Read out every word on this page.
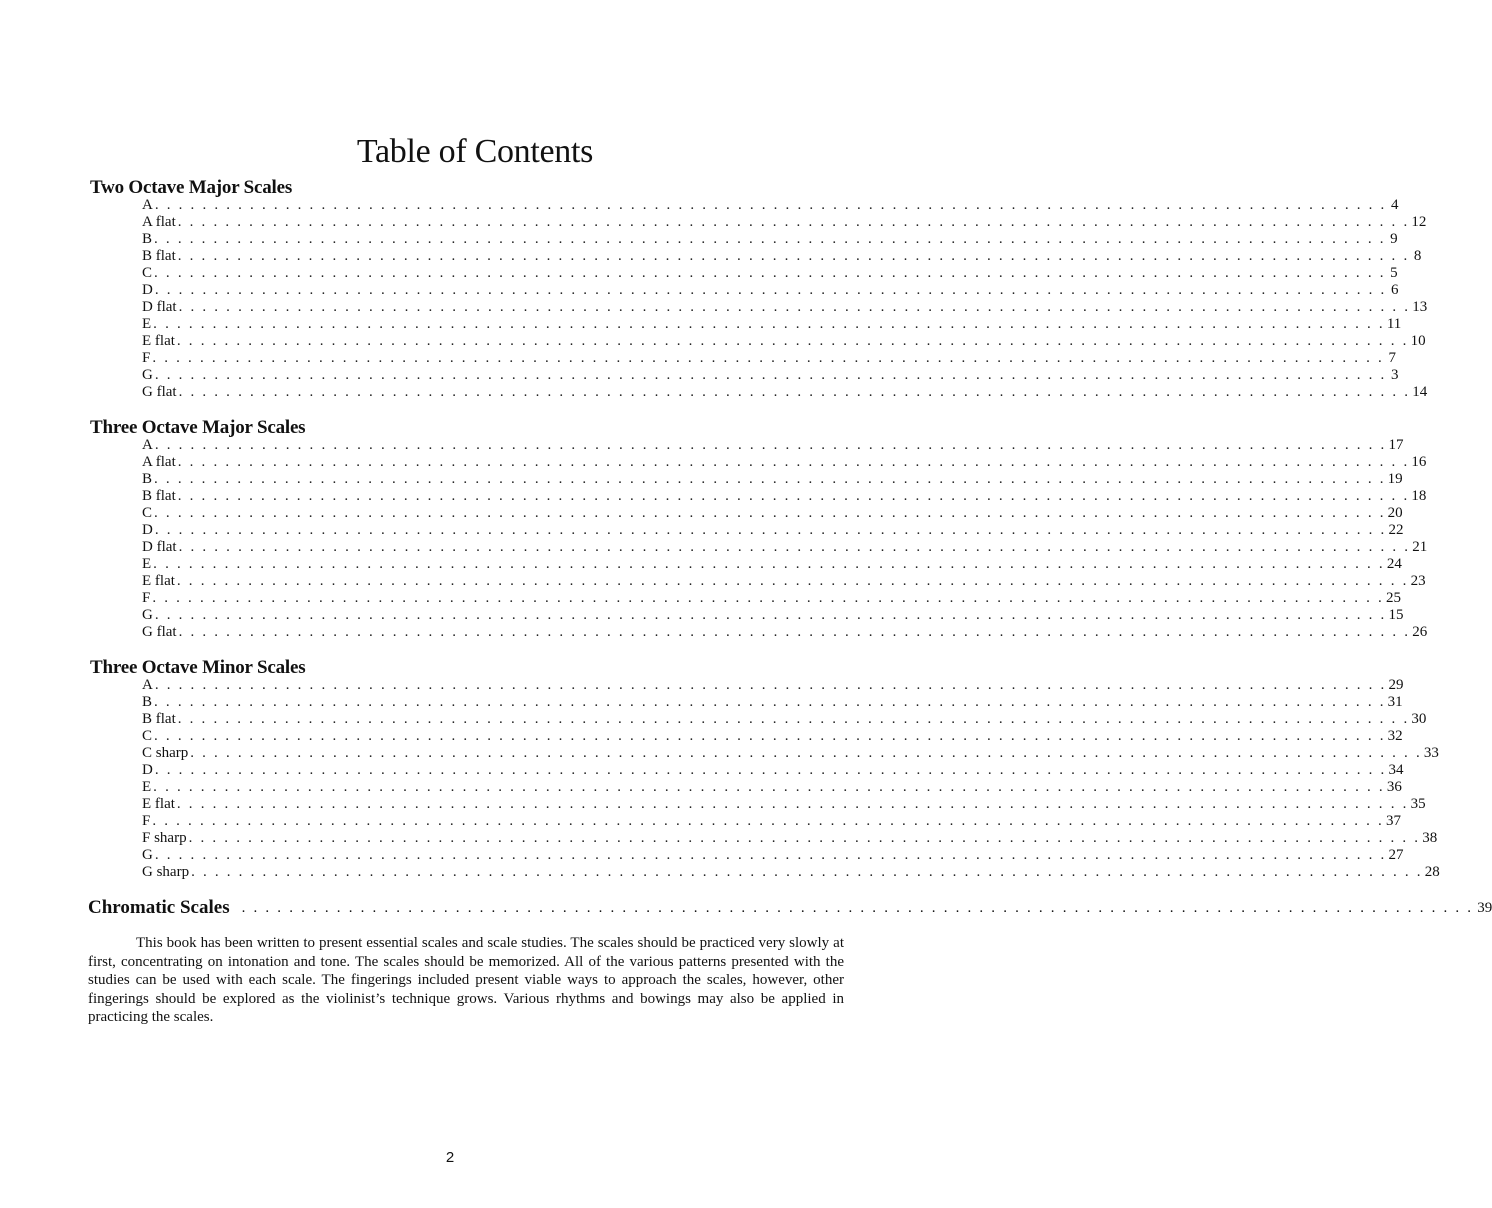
Table of Contents
Two Octave Major Scales
A . . . . . . . . . . . . . . . . . . . . . . . . . . . . . . . . . . . . . . . . . . . . . . . . . . . . . . . . . . . . . . . . . . . . . . . . . . . . . . . . . . . . . . . . . . . . . . . . . . . . . . . . 4
A flat . . . . . . . . . . . . . . . . . . . . . . . . . . . . . . . . . . . . . . . . . . . . . . . . . . . . . . . . . . . . . . . . . . . . . . . . . . . . . . . . . . . . . . . . . . . . . . . . . . . . . . . . 12
B . . . . . . . . . . . . . . . . . . . . . . . . . . . . . . . . . . . . . . . . . . . . . . . . . . . . . . . . . . . . . . . . . . . . . . . . . . . . . . . . . . . . . . . . . . . . . . . . . . . . . . . . 9
B flat . . . . . . . . . . . . . . . . . . . . . . . . . . . . . . . . . . . . . . . . . . . . . . . . . . . . . . . . . . . . . . . . . . . . . . . . . . . . . . . . . . . . . . . . . . . . . . . . . . . . . . . . 8
C . . . . . . . . . . . . . . . . . . . . . . . . . . . . . . . . . . . . . . . . . . . . . . . . . . . . . . . . . . . . . . . . . . . . . . . . . . . . . . . . . . . . . . . . . . . . . . . . . . . . . . . . 5
D . . . . . . . . . . . . . . . . . . . . . . . . . . . . . . . . . . . . . . . . . . . . . . . . . . . . . . . . . . . . . . . . . . . . . . . . . . . . . . . . . . . . . . . . . . . . . . . . . . . . . . . . 6
D flat . . . . . . . . . . . . . . . . . . . . . . . . . . . . . . . . . . . . . . . . . . . . . . . . . . . . . . . . . . . . . . . . . . . . . . . . . . . . . . . . . . . . . . . . . . . . . . . . . . . . . . . . 13
E . . . . . . . . . . . . . . . . . . . . . . . . . . . . . . . . . . . . . . . . . . . . . . . . . . . . . . . . . . . . . . . . . . . . . . . . . . . . . . . . . . . . . . . . . . . . . . . . . . . . . . . . 11
E flat . . . . . . . . . . . . . . . . . . . . . . . . . . . . . . . . . . . . . . . . . . . . . . . . . . . . . . . . . . . . . . . . . . . . . . . . . . . . . . . . . . . . . . . . . . . . . . . . . . . . . . . . 10
F . . . . . . . . . . . . . . . . . . . . . . . . . . . . . . . . . . . . . . . . . . . . . . . . . . . . . . . . . . . . . . . . . . . . . . . . . . . . . . . . . . . . . . . . . . . . . . . . . . . . . . . . 7
G . . . . . . . . . . . . . . . . . . . . . . . . . . . . . . . . . . . . . . . . . . . . . . . . . . . . . . . . . . . . . . . . . . . . . . . . . . . . . . . . . . . . . . . . . . . . . . . . . . . . . . . . 3
G flat . . . . . . . . . . . . . . . . . . . . . . . . . . . . . . . . . . . . . . . . . . . . . . . . . . . . . . . . . . . . . . . . . . . . . . . . . . . . . . . . . . . . . . . . . . . . . . . . . . . . . . . . 14
Three Octave Major Scales
A . . . . . . . . . . . . . . . . . . . . . . . . . . . . . . . . . . . . . . . . . . . . . . . . . . . . . . . . . . . . . . . . . . . . . . . . . . . . . . . . . . . . . . . . . . . . . . . . . . . . . . . . 17
A flat . . . . . . . . . . . . . . . . . . . . . . . . . . . . . . . . . . . . . . . . . . . . . . . . . . . . . . . . . . . . . . . . . . . . . . . . . . . . . . . . . . . . . . . . . . . . . . . . . . . . . . . . 16
B . . . . . . . . . . . . . . . . . . . . . . . . . . . . . . . . . . . . . . . . . . . . . . . . . . . . . . . . . . . . . . . . . . . . . . . . . . . . . . . . . . . . . . . . . . . . . . . . . . . . . . . . 19
B flat . . . . . . . . . . . . . . . . . . . . . . . . . . . . . . . . . . . . . . . . . . . . . . . . . . . . . . . . . . . . . . . . . . . . . . . . . . . . . . . . . . . . . . . . . . . . . . . . . . . . . . . . 18
C . . . . . . . . . . . . . . . . . . . . . . . . . . . . . . . . . . . . . . . . . . . . . . . . . . . . . . . . . . . . . . . . . . . . . . . . . . . . . . . . . . . . . . . . . . . . . . . . . . . . . . . . 20
D . . . . . . . . . . . . . . . . . . . . . . . . . . . . . . . . . . . . . . . . . . . . . . . . . . . . . . . . . . . . . . . . . . . . . . . . . . . . . . . . . . . . . . . . . . . . . . . . . . . . . . . . 22
D flat . . . . . . . . . . . . . . . . . . . . . . . . . . . . . . . . . . . . . . . . . . . . . . . . . . . . . . . . . . . . . . . . . . . . . . . . . . . . . . . . . . . . . . . . . . . . . . . . . . . . . . . . 21
E . . . . . . . . . . . . . . . . . . . . . . . . . . . . . . . . . . . . . . . . . . . . . . . . . . . . . . . . . . . . . . . . . . . . . . . . . . . . . . . . . . . . . . . . . . . . . . . . . . . . . . . . 24
E flat . . . . . . . . . . . . . . . . . . . . . . . . . . . . . . . . . . . . . . . . . . . . . . . . . . . . . . . . . . . . . . . . . . . . . . . . . . . . . . . . . . . . . . . . . . . . . . . . . . . . . . . . 23
F . . . . . . . . . . . . . . . . . . . . . . . . . . . . . . . . . . . . . . . . . . . . . . . . . . . . . . . . . . . . . . . . . . . . . . . . . . . . . . . . . . . . . . . . . . . . . . . . . . . . . . . . 25
G . . . . . . . . . . . . . . . . . . . . . . . . . . . . . . . . . . . . . . . . . . . . . . . . . . . . . . . . . . . . . . . . . . . . . . . . . . . . . . . . . . . . . . . . . . . . . . . . . . . . . . . . 15
G flat . . . . . . . . . . . . . . . . . . . . . . . . . . . . . . . . . . . . . . . . . . . . . . . . . . . . . . . . . . . . . . . . . . . . . . . . . . . . . . . . . . . . . . . . . . . . . . . . . . . . . . . . 26
Three Octave Minor Scales
A . . . . . . . . . . . . . . . . . . . . . . . . . . . . . . . . . . . . . . . . . . . . . . . . . . . . . . . . . . . . . . . . . . . . . . . . . . . . . . . . . . . . . . . . . . . . . . . . . . . . . . . . 29
B . . . . . . . . . . . . . . . . . . . . . . . . . . . . . . . . . . . . . . . . . . . . . . . . . . . . . . . . . . . . . . . . . . . . . . . . . . . . . . . . . . . . . . . . . . . . . . . . . . . . . . . . 31
B flat . . . . . . . . . . . . . . . . . . . . . . . . . . . . . . . . . . . . . . . . . . . . . . . . . . . . . . . . . . . . . . . . . . . . . . . . . . . . . . . . . . . . . . . . . . . . . . . . . . . . . . . . 30
C . . . . . . . . . . . . . . . . . . . . . . . . . . . . . . . . . . . . . . . . . . . . . . . . . . . . . . . . . . . . . . . . . . . . . . . . . . . . . . . . . . . . . . . . . . . . . . . . . . . . . . . . 32
C sharp . . . . . . . . . . . . . . . . . . . . . . . . . . . . . . . . . . . . . . . . . . . . . . . . . . . . . . . . . . . . . . . . . . . . . . . . . . . . . . . . . . . . . . . . . . . . . . . . . . . . . . . . 33
D . . . . . . . . . . . . . . . . . . . . . . . . . . . . . . . . . . . . . . . . . . . . . . . . . . . . . . . . . . . . . . . . . . . . . . . . . . . . . . . . . . . . . . . . . . . . . . . . . . . . . . . . 34
E . . . . . . . . . . . . . . . . . . . . . . . . . . . . . . . . . . . . . . . . . . . . . . . . . . . . . . . . . . . . . . . . . . . . . . . . . . . . . . . . . . . . . . . . . . . . . . . . . . . . . . . . 36
E flat . . . . . . . . . . . . . . . . . . . . . . . . . . . . . . . . . . . . . . . . . . . . . . . . . . . . . . . . . . . . . . . . . . . . . . . . . . . . . . . . . . . . . . . . . . . . . . . . . . . . . . . . 35
F . . . . . . . . . . . . . . . . . . . . . . . . . . . . . . . . . . . . . . . . . . . . . . . . . . . . . . . . . . . . . . . . . . . . . . . . . . . . . . . . . . . . . . . . . . . . . . . . . . . . . . . . 37
F sharp . . . . . . . . . . . . . . . . . . . . . . . . . . . . . . . . . . . . . . . . . . . . . . . . . . . . . . . . . . . . . . . . . . . . . . . . . . . . . . . . . . . . . . . . . . . . . . . . . . . . . . . . 38
G . . . . . . . . . . . . . . . . . . . . . . . . . . . . . . . . . . . . . . . . . . . . . . . . . . . . . . . . . . . . . . . . . . . . . . . . . . . . . . . . . . . . . . . . . . . . . . . . . . . . . . . . 27
G sharp . . . . . . . . . . . . . . . . . . . . . . . . . . . . . . . . . . . . . . . . . . . . . . . . . . . . . . . . . . . . . . . . . . . . . . . . . . . . . . . . . . . . . . . . . . . . . . . . . . . . . . . . 28
Chromatic Scales . . . . . . . . . . . . . . . . . . . . . . . . . . . . . . . . . . . . . . . . . . . . . . . . . . . . . . . . . . . . . . . . . . . . . . . . . . . . . . . . . . . . . . . . . . . . . . . . . . . . . . . . 39

This book has been written to present essential scales and scale studies. The scales should be practiced very slowly at first, concentrating on intonation and tone. The scales should be memorized. All of the various patterns presented with the studies can be used with each scale. The fingerings included present viable ways to approach the scales, however, other fingerings should be explored as the violinist’s technique grows. Various rhythms and bowings may also be applied in practicing the scales.

2
